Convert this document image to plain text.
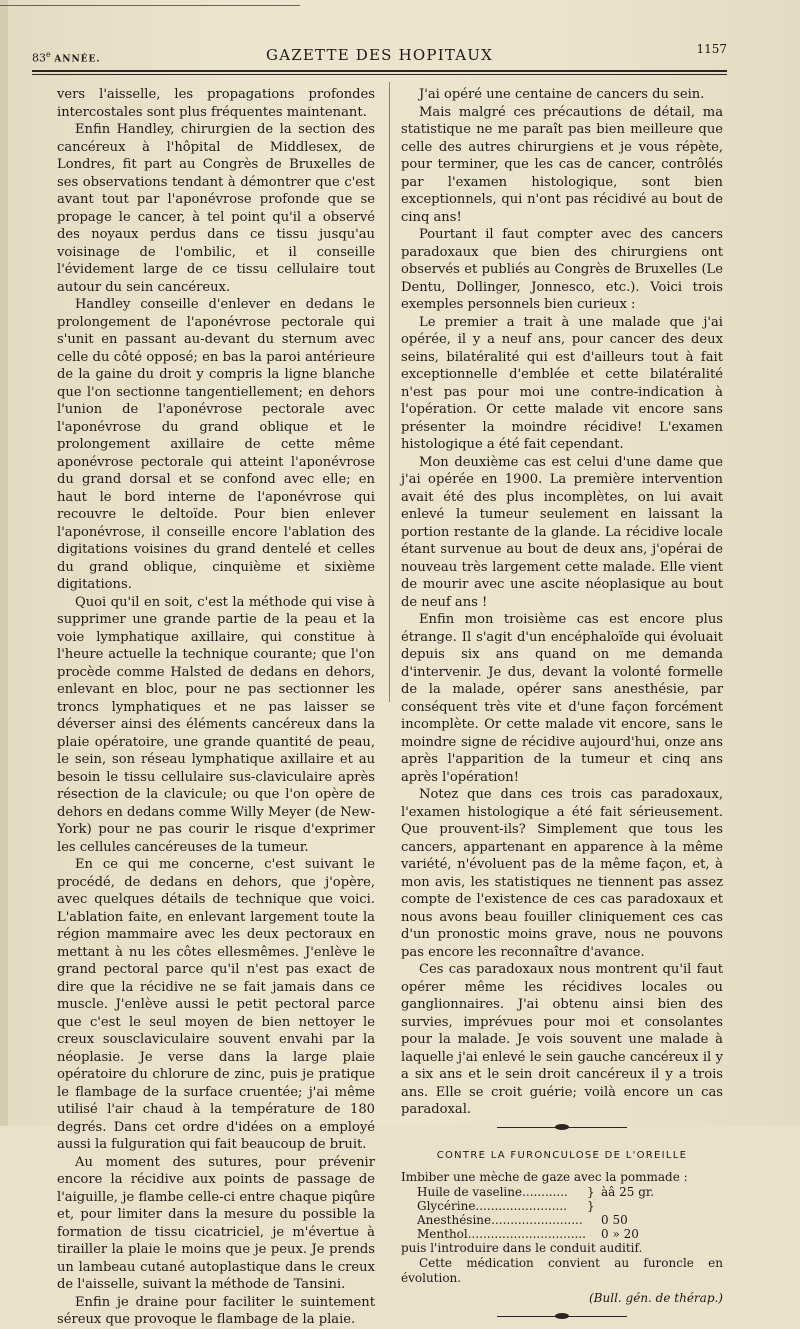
83e ANNÉE.	GAZETTE DES HOPITAUX	1157

vers l'aisselle, les propagations profondes intercostales sont plus fréquentes maintenant.

Enfin Handley, chirurgien de la section des cancéreux à l'hôpital de Middlesex, de Londres, fit part au Congrès de Bruxelles de ses observations tendant à démontrer que c'est avant tout par l'aponévrose profonde que se propage le cancer, à tel point qu'il a observé des noyaux perdus dans ce tissu jusqu'au voisinage de l'ombilic, et il conseille l'évidement large de ce tissu cellulaire tout autour du sein cancéreux.

Handley conseille d'enlever en dedans le prolongement de l'aponévrose pectorale qui s'unit en passant au-devant du sternum avec celle du côté opposé; en bas la paroi antérieure de la gaine du droit y compris la ligne blanche que l'on sectionne tangentiellement; en dehors l'union de l'aponévrose pectorale avec l'aponévrose du grand oblique et le prolongement axillaire de cette même aponévrose pectorale qui atteint l'aponévrose du grand dorsal et se confond avec elle; en haut le bord interne de l'aponévrose qui recouvre le deltoïde. Pour bien enlever l'aponévrose, il conseille encore l'ablation des digitations voisines du grand dentelé et celles du grand oblique, cinquième et sixième digitations.

Quoi qu'il en soit, c'est la méthode qui vise à supprimer une grande partie de la peau et la voie lymphatique axillaire, qui constitue à l'heure actuelle la technique courante; que l'on procède comme Halsted de dedans en dehors, enlevant en bloc, pour ne pas sectionner les troncs lymphatiques et ne pas laisser se déverser ainsi des éléments cancéreux dans la plaie opératoire, une grande quantité de peau, le sein, son réseau lymphatique axillaire et au besoin le tissu cellulaire sus-claviculaire après résection de la clavicule; ou que l'on opère de dehors en dedans comme Willy Meyer (de New-York) pour ne pas courir le risque d'exprimer les cellules cancéreuses de la tumeur.

En ce qui me concerne, c'est suivant le procédé, de dedans en dehors, que j'opère, avec quelques détails de technique que voici. L'ablation faite, en enlevant largement toute la région mammaire avec les deux pectoraux en mettant à nu les côtes ellesmêmes. J'enlève le grand pectoral parce qu'il n'est pas exact de dire que la récidive ne se fait jamais dans ce muscle. J'enlève aussi le petit pectoral parce que c'est le seul moyen de bien nettoyer le creux sousclaviculaire souvent envahi par la néoplasie. Je verse dans la large plaie opératoire du chlorure de zinc, puis je pratique le flambage de la surface cruentée; j'ai même utilisé l'air chaud à la température de 180 degrés. Dans cet ordre d'idées on a employé aussi la fulguration qui fait beaucoup de bruit.

Au moment des sutures, pour prévenir encore la récidive aux points de passage de l'aiguille, je flambe celle-ci entre chaque piqûre et, pour limiter dans la mesure du possible la formation de tissu cicatriciel, je m'évertue à tirailler la plaie le moins que je peux. Je prends un lambeau cutané autoplastique dans le creux de l'aisselle, suivant la méthode de Tansini.

Enfin je draine pour faciliter le suintement séreux que provoque le flambage de la plaie.

J'ai opéré une centaine de cancers du sein.

Mais malgré ces précautions de détail, ma statistique ne me paraît pas bien meilleure que celle des autres chirurgiens et je vous répète, pour terminer, que les cas de cancer, contrôlés par l'examen histologique, sont bien exceptionnels, qui n'ont pas récidivé au bout de cinq ans!

Pourtant il faut compter avec des cancers paradoxaux que bien des chirurgiens ont observés et publiés au Congrès de Bruxelles (Le Dentu, Dollinger, Jonnesco, etc.). Voici trois exemples personnels bien curieux :

Le premier a trait à une malade que j'ai opérée, il y a neuf ans, pour cancer des deux seins, bilatéralité qui est d'ailleurs tout à fait exceptionnelle d'emblée et cette bilatéralité n'est pas pour moi une contre-indication à l'opération. Or cette malade vit encore sans présenter la moindre récidive! L'examen histologique a été fait cependant.

Mon deuxième cas est celui d'une dame que j'ai opérée en 1900. La première intervention avait été des plus incomplètes, on lui avait enlevé la tumeur seulement en laissant la portion restante de la glande. La récidive locale étant survenue au bout de deux ans, j'opérai de nouveau très largement cette malade. Elle vient de mourir avec une ascite néoplasique au bout de neuf ans !

Enfin mon troisième cas est encore plus étrange. Il s'agit d'un encéphaloïde qui évoluait depuis six ans quand on me demanda d'intervenir. Je dus, devant la volonté formelle de la malade, opérer sans anesthésie, par conséquent très vite et d'une façon forcément incomplète. Or cette malade vit encore, sans le moindre signe de récidive aujourd'hui, onze ans après l'apparition de la tumeur et cinq ans après l'opération!

Notez que dans ces trois cas paradoxaux, l'examen histologique a été fait sérieusement. Que prouvent-ils? Simplement que tous les cancers, appartenant en apparence à la même variété, n'évoluent pas de la même façon, et, à mon avis, les statistiques ne tiennent pas assez compte de l'existence de ces cas paradoxaux et nous avons beau fouiller cliniquement ces cas d'un pronostic moins grave, nous ne pouvons pas encore les reconnaître d'avance.

Ces cas paradoxaux nous montrent qu'il faut opérer même les récidives locales ou ganglionnaires. J'ai obtenu ainsi bien des survies, imprévues pour moi et consolantes pour la malade. Je vois souvent une malade à laquelle j'ai enlevé le sein gauche cancéreux il y a six ans et le sein droit cancéreux il y a trois ans. Elle se croit guérie; voilà encore un cas paradoxal.

CONTRE LA FURONCULOSE DE L'OREILLE

Imbiber une mèche de gaze avec la pommade :

Huile de vaseline............	} àâ 25 gr.
Glycérine........................	}
Anesthésine........................	0 50
Menthol............................... 0 » 20

puis l'introduire dans le conduit auditif.

Cette médication convient au furoncle en évolution.

(Bull. gén. de thérap.)
